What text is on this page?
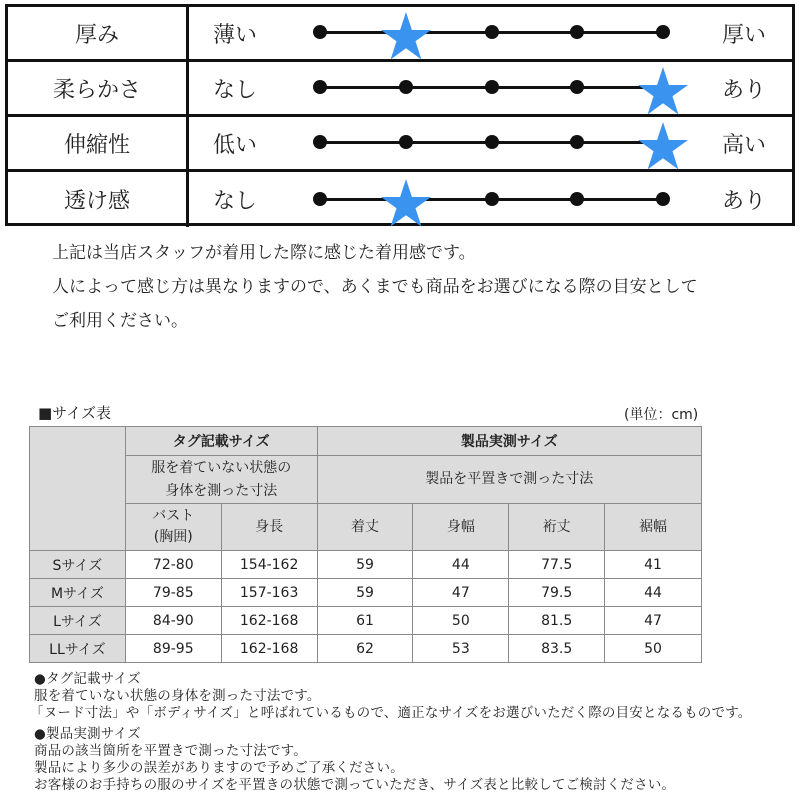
厚み	薄い	厚い
柔らかさ	なし	あり
伸縮性	低い	高い
透け感	なし	あり
上記は当店スタッフが着用した際に感じた着用感です。
人によって感じ方は異なりますので、あくまでも商品をお選びになる際の目安として
ご利用ください。
■サイズ表	(単位：cm)
	タグ記載サイズ		製品実測サイズ			

	服を着ていない状態の
身体を測った寸法		製品を平置きで測った寸法			

	バスト
(胸囲)	身長	着丈	身幅	裄丈	裾幅
Sサイズ	72-80	154-162	59	44	77.5	41
Mサイズ	79-85	157-163	59	47	79.5	44
Lサイズ	84-90	162-168	61	50	81.5	47
LLサイズ	89-95	162-168	62	53	83.5	50
●タグ記載サイズ
服を着ていない状態の身体を測った寸法です。
「ヌード寸法」や「ボディサイズ」と呼ばれているもので、適正なサイズをお選びいただく際の目安となるものです。
●製品実測サイズ
商品の該当箇所を平置きで測った寸法です。
製品により多少の誤差がありますので予めご了承ください。
お客様のお手持ちの服のサイズを平置きの状態で測っていただき、サイズ表と比較してご検討ください。
